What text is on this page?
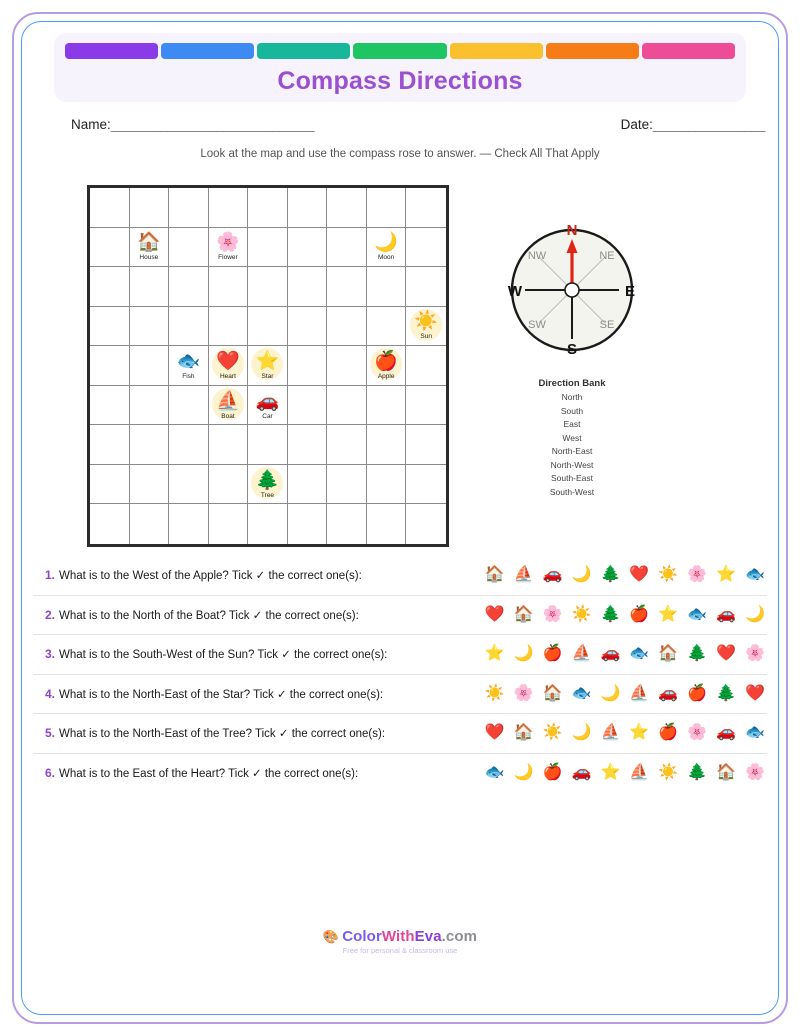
Compass Directions
Name:_____________________________	Date:________________
Look at the map and use the compass rose to answer. — Check All That Apply
🏠
House
🌸
Flower
🌙
Moon
☀️
Sun
🐟
Fish
❤️
Heart
⭐
Star
🍎
Apple
⛵
Boat
🚗
Car
🌲
Tree
N
S
E
W
NW	NE
SW	SE
Direction Bank
North
South
East
West
North-East
North-West
South-East
South-West
1. What is to the West of the Apple? Tick ✓ the correct one(s):	🏠 ⛵ 🚗 🌙 🌲 ❤️ ☀️ 🌸 ⭐ 🐟
2. What is to the North of the Boat? Tick ✓ the correct one(s):	❤️ 🏠 🌸 ☀️ 🌲 🍎 ⭐ 🐟 🚗 🌙
3. What is to the South-West of the Sun? Tick ✓ the correct one(s):	⭐ 🌙 🍎 ⛵ 🚗 🐟 🏠 🌲 ❤️ 🌸
4. What is to the North-East of the Star? Tick ✓ the correct one(s):	☀️ 🌸 🏠 🐟 🌙 ⛵ 🚗 🍎 🌲 ❤️
5. What is to the North-East of the Tree? Tick ✓ the correct one(s):	❤️ 🏠 ☀️ 🌙 ⛵ ⭐ 🍎 🌸 🚗 🐟
6. What is to the East of the Heart? Tick ✓ the correct one(s):	🐟 🌙 🍎 🚗 ⭐ ⛵ ☀️ 🌲 🏠 🌸
🎨 ColorWithEva.com
Free for personal & classroom use
